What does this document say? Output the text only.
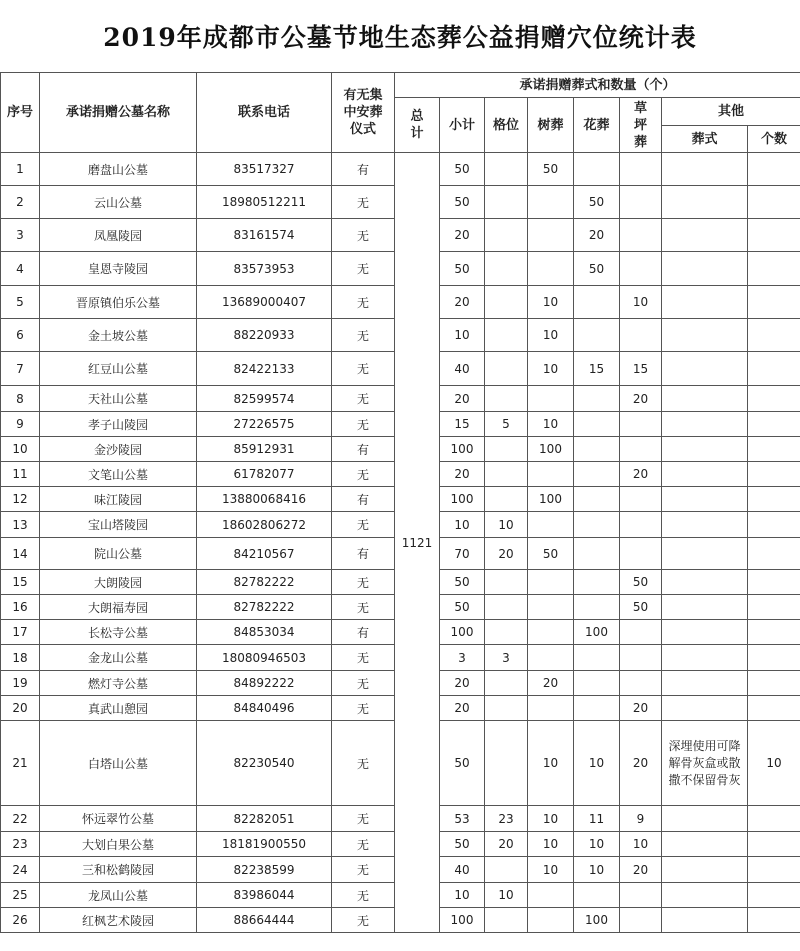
2019年成都市公墓节地生态葬公益捐赠穴位统计表
序号	承诺捐赠公墓名称	联系电话	有无集中安葬仪式	承诺捐赠葬式和数量（个）							
				总计	小计	格位	树葬	花葬	草坪葬	其他	
										葬式	个数
1	磨盘山公墓	83517327	有	1121	50		50				
2	云山公墓	18980512211	无		50			50			
3	凤凰陵园	83161574	无		20			20			
4	皇恩寺陵园	83573953	无		50			50			
5	晋原镇伯乐公墓	13689000407	无		20		10		10		
6	金土坡公墓	88220933	无		10		10				
7	红豆山公墓	82422133	无		40		10	15	15		
8	天社山公墓	82599574	无		20				20		
9	孝子山陵园	27226575	无		15	5	10				
10	金沙陵园	85912931	有		100		100				
11	文笔山公墓	61782077	无		20				20		
12	味江陵园	13880068416	有		100		100				
13	宝山塔陵园	18602806272	无		10	10					
14	院山公墓	84210567	有		70	20	50				
15	大朗陵园	82782222	无		50				50		
16	大朗福寿园	82782222	无		50				50		
17	长松寺公墓	84853034	有		100			100			
18	金龙山公墓	18080946503	无		3	3					
19	燃灯寺公墓	84892222	无		20		20				
20	真武山憩园	84840496	无		20				20		
21	白塔山公墓	82230540	无		50		10	10	20	深埋使用可降解骨灰盒或散撒不保留骨灰	10
22	怀远翠竹公墓	82282051	无		53	23	10	11	9		
23	大划白果公墓	18181900550	无		50	20	10	10	10		
24	三和松鹤陵园	82238599	无		40		10	10	20		
25	龙凤山公墓	83986044	无		10	10					
26	红枫艺术陵园	88664444	无		100			100			
